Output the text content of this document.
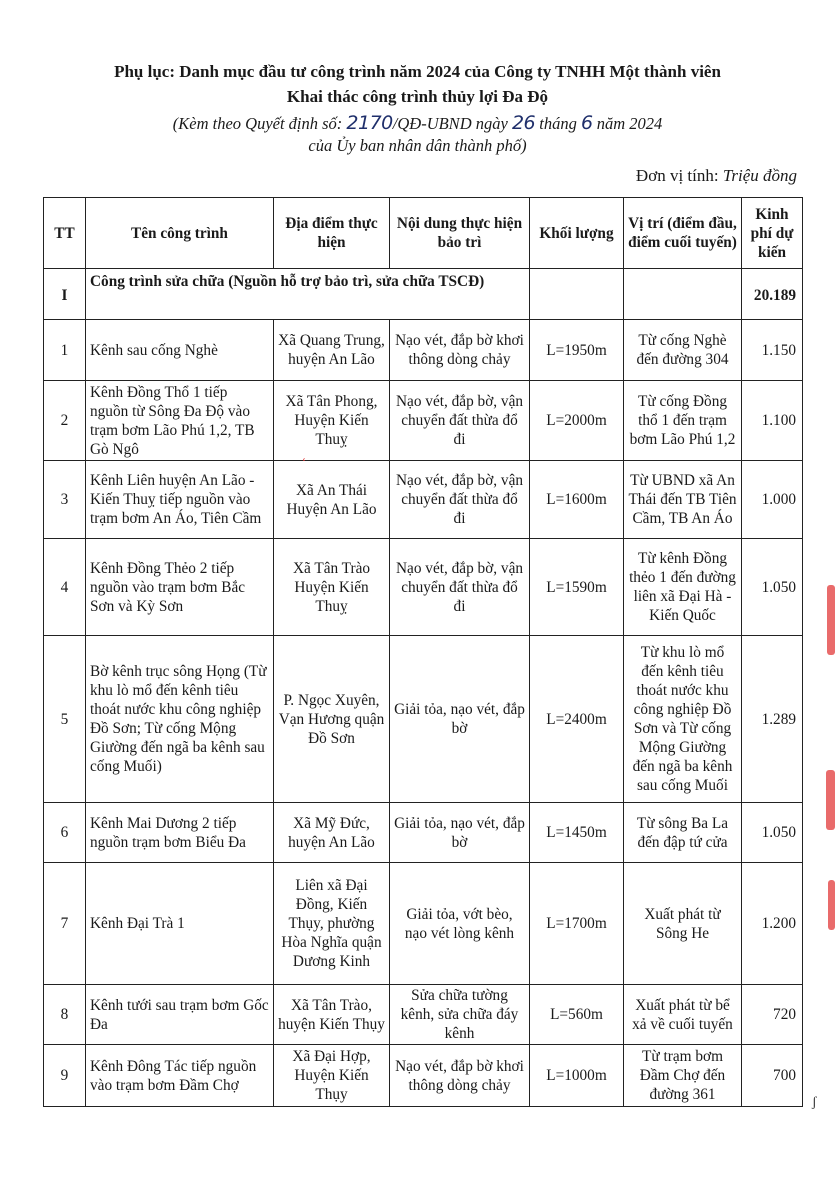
Phụ lục: Danh mục đầu tư công trình năm 2024 của Công ty TNHH Một thành viên
Khai thác công trình thủy lợi Đa Độ
(Kèm theo Quyết định số: 2170/QĐ-UBND ngày 26 tháng 6 năm 2024
của Ủy ban nhân dân thành phố)
Đơn vị tính: Triệu đồng
TT	Tên công trình	Địa điểm thực hiện	Nội dung thực hiện bảo trì	Khối lượng	Vị trí (điểm đầu, điểm cuối tuyến)	Kinh phí dự kiến
I	Công trình sửa chữa (Nguồn hỗ trợ bảo trì, sửa chữa TSCĐ)					20.189
1	Kênh sau cống Nghè	Xã Quang Trung, huyện An Lão	Nạo vét, đắp bờ khơi thông dòng chảy	L=1950m	Từ cống Nghè đến đường 304	1.150
2	Kênh Đồng Thổ 1 tiếp nguồn từ Sông Đa Độ vào trạm bơm Lão Phú 1,2, TB Gò Ngô	Xã Tân Phong, Huyện Kiến Thuỵ	Nạo vét, đắp bờ, vận chuyển đất thừa đổ đi	L=2000m	Từ cống Đồng thổ 1 đến trạm bơm Lão Phú 1,2	1.100
3	Kênh Liên huyện An Lão - Kiến Thuỵ tiếp nguồn vào trạm bơm An Áo, Tiên Cầm	Xã An Thái Huyện An Lão	Nạo vét, đắp bờ, vận chuyển đất thừa đổ đi	L=1600m	Từ UBND xã An Thái đến TB Tiên Cầm, TB An Áo	1.000
4	Kênh Đồng Thẻo 2 tiếp nguồn vào trạm bơm Bắc Sơn và Kỳ Sơn	Xã Tân Trào Huyện Kiến Thuỵ	Nạo vét, đắp bờ, vận chuyển đất thừa đổ đi	L=1590m	Từ kênh Đồng thẻo 1 đến đường liên xã Đại Hà - Kiến Quốc	1.050
5	Bờ kênh trục sông Họng (Từ khu lò mổ đến kênh tiêu thoát nước khu công nghiệp Đồ Sơn; Từ cống Mộng Giường đến ngã ba kênh sau cống Muối)	P. Ngọc Xuyên, Vạn Hương quận Đồ Sơn	Giải tỏa, nạo vét, đắp bờ	L=2400m	Từ khu lò mổ đến kênh tiêu thoát nước khu công nghiệp Đồ Sơn và Từ cống Mộng Giường đến ngã ba kênh sau cống Muối	1.289
6	Kênh Mai Dương 2 tiếp nguồn trạm bơm Biểu Đa	Xã Mỹ Đức, huyện An Lão	Giải tỏa, nạo vét, đắp bờ	L=1450m	Từ sông Ba La đến đập tứ cửa	1.050
7	Kênh Đại Trà 1	Liên xã Đại Đồng, Kiến Thụy, phường Hòa Nghĩa quận Dương Kinh	Giải tỏa, vớt bèo, nạo vét lòng kênh	L=1700m	Xuất phát từ Sông He	1.200
8	Kênh tưới sau trạm bơm Gốc Đa	Xã Tân Trào, huyện Kiến Thụy	Sửa chữa tường kênh, sửa chữa đáy kênh	L=560m	Xuất phát từ bể xả về cuối tuyến	720
9	Kênh Đông Tác tiếp nguồn vào trạm bơm Đầm Chợ	Xã Đại Hợp, Huyện Kiến Thụy	Nạo vét, đắp bờ khơi thông dòng chảy	L=1000m	Từ trạm bơm Đầm Chợ đến đường 361	700
ʃ
ʻ
